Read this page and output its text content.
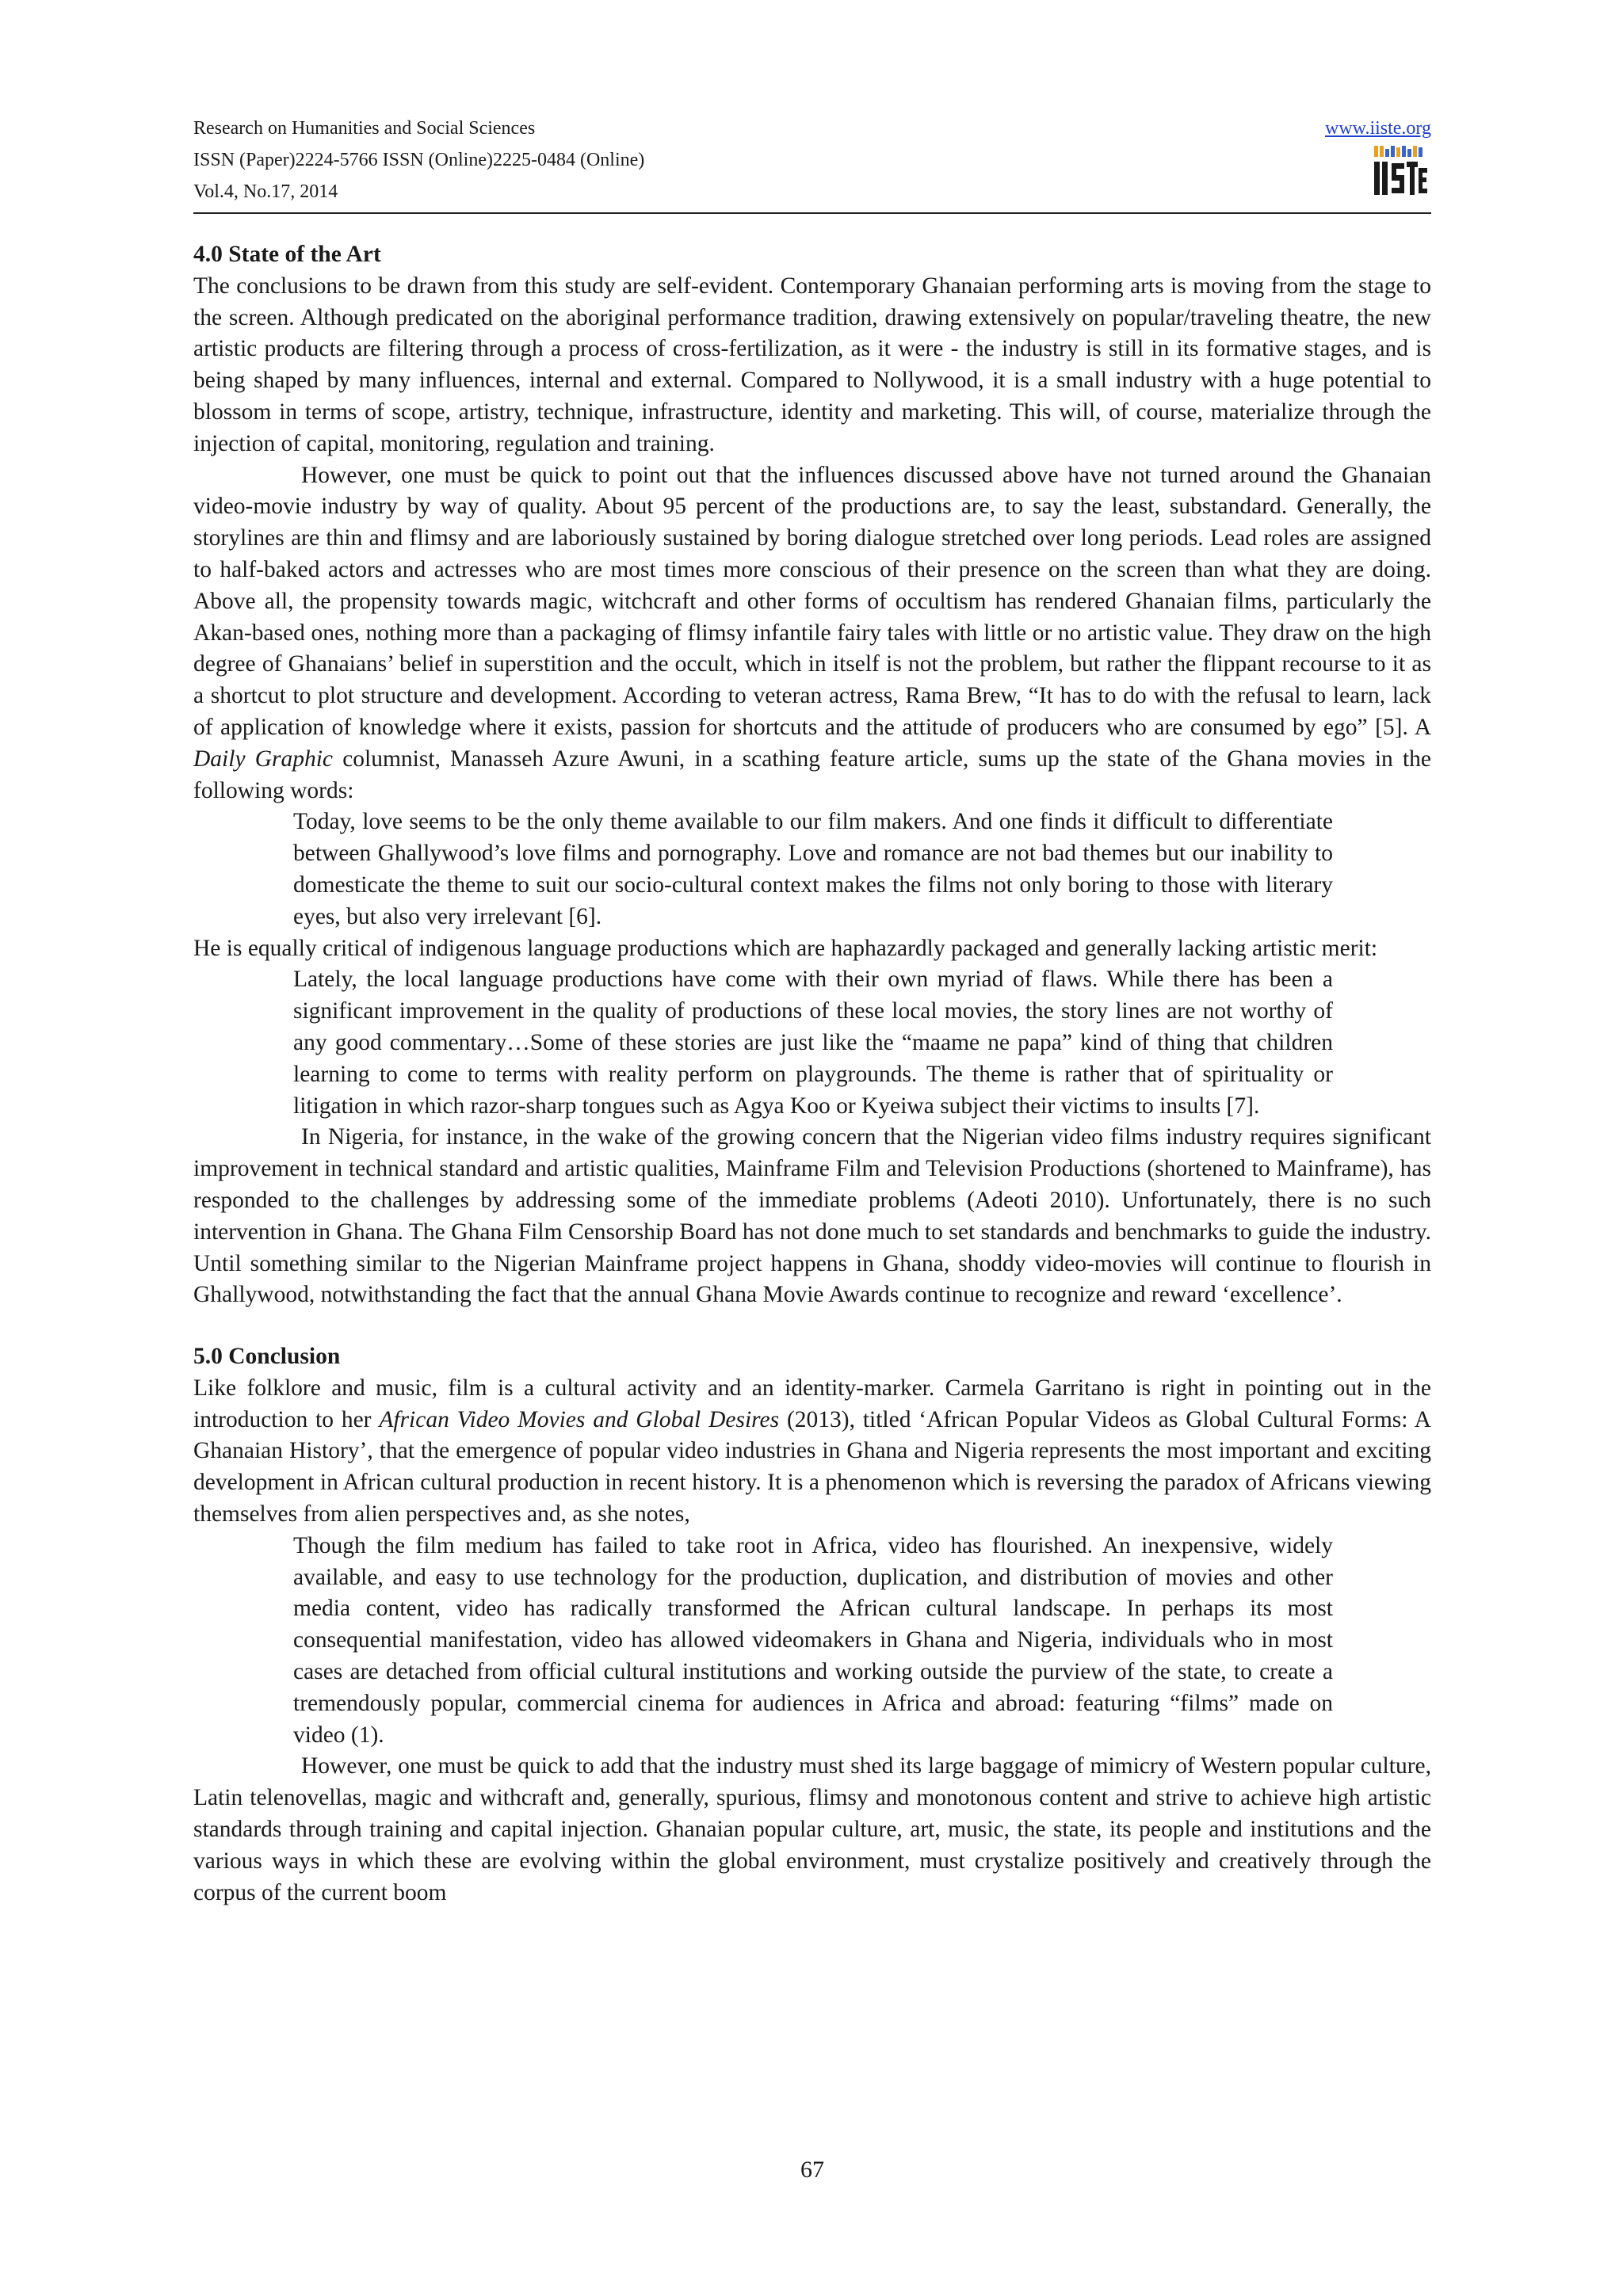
Research on Humanities and Social Sciences
ISSN (Paper)2224-5766 ISSN (Online)2225-0484 (Online)
Vol.4, No.17, 2014
www.iiste.org

4.0 State of the Art

The conclusions to be drawn from this study are self-evident. Contemporary Ghanaian performing arts is moving from the stage to the screen. Although predicated on the aboriginal performance tradition, drawing extensively on popular/traveling theatre, the new artistic products are filtering through a process of cross-fertilization, as it were - the industry is still in its formative stages, and is being shaped by many influences, internal and external. Compared to Nollywood, it is a small industry with a huge potential to blossom in terms of scope, artistry, technique, infrastructure, identity and marketing. This will, of course, materialize through the injection of capital, monitoring, regulation and training.

However, one must be quick to point out that the influences discussed above have not turned around the Ghanaian video-movie industry by way of quality. About 95 percent of the productions are, to say the least, substandard. Generally, the storylines are thin and flimsy and are laboriously sustained by boring dialogue stretched over long periods. Lead roles are assigned to half-baked actors and actresses who are most times more conscious of their presence on the screen than what they are doing. Above all, the propensity towards magic, witchcraft and other forms of occultism has rendered Ghanaian films, particularly the Akan-based ones, nothing more than a packaging of flimsy infantile fairy tales with little or no artistic value. They draw on the high degree of Ghanaians’ belief in superstition and the occult, which in itself is not the problem, but rather the flippant recourse to it as a shortcut to plot structure and development. According to veteran actress, Rama Brew, “It has to do with the refusal to learn, lack of application of knowledge where it exists, passion for shortcuts and the attitude of producers who are consumed by ego” [5]. A Daily Graphic columnist, Manasseh Azure Awuni, in a scathing feature article, sums up the state of the Ghana movies in the following words:

Today, love seems to be the only theme available to our film makers. And one finds it difficult to differentiate between Ghallywood’s love films and pornography. Love and romance are not bad themes but our inability to domesticate the theme to suit our socio-cultural context makes the films not only boring to those with literary eyes, but also very irrelevant [6].

He is equally critical of indigenous language productions which are haphazardly packaged and generally lacking artistic merit:

Lately, the local language productions have come with their own myriad of flaws. While there has been a significant improvement in the quality of productions of these local movies, the story lines are not worthy of any good commentary…Some of these stories are just like the “maame ne papa” kind of thing that children learning to come to terms with reality perform on playgrounds. The theme is rather that of spirituality or litigation in which razor-sharp tongues such as Agya Koo or Kyeiwa subject their victims to insults [7].

In Nigeria, for instance, in the wake of the growing concern that the Nigerian video films industry requires significant improvement in technical standard and artistic qualities, Mainframe Film and Television Productions (shortened to Mainframe), has responded to the challenges by addressing some of the immediate problems (Adeoti 2010). Unfortunately, there is no such intervention in Ghana. The Ghana Film Censorship Board has not done much to set standards and benchmarks to guide the industry. Until something similar to the Nigerian Mainframe project happens in Ghana, shoddy video-movies will continue to flourish in Ghallywood, notwithstanding the fact that the annual Ghana Movie Awards continue to recognize and reward ‘excellence’.

5.0 Conclusion

Like folklore and music, film is a cultural activity and an identity-marker. Carmela Garritano is right in pointing out in the introduction to her African Video Movies and Global Desires (2013), titled ‘African Popular Videos as Global Cultural Forms: A Ghanaian History’, that the emergence of popular video industries in Ghana and Nigeria represents the most important and exciting development in African cultural production in recent history. It is a phenomenon which is reversing the paradox of Africans viewing themselves from alien perspectives and, as she notes,

Though the film medium has failed to take root in Africa, video has flourished. An inexpensive, widely available, and easy to use technology for the production, duplication, and distribution of movies and other media content, video has radically transformed the African cultural landscape. In perhaps its most consequential manifestation, video has allowed videomakers in Ghana and Nigeria, individuals who in most cases are detached from official cultural institutions and working outside the purview of the state, to create a tremendously popular, commercial cinema for audiences in Africa and abroad: featuring “films” made on video (1).

However, one must be quick to add that the industry must shed its large baggage of mimicry of Western popular culture, Latin telenovellas, magic and withcraft and, generally, spurious, flimsy and monotonous content and strive to achieve high artistic standards through training and capital injection. Ghanaian popular culture, art, music, the state, its people and institutions and the various ways in which these are evolving within the global environment, must crystalize positively and creatively through the corpus of the current boom

67
